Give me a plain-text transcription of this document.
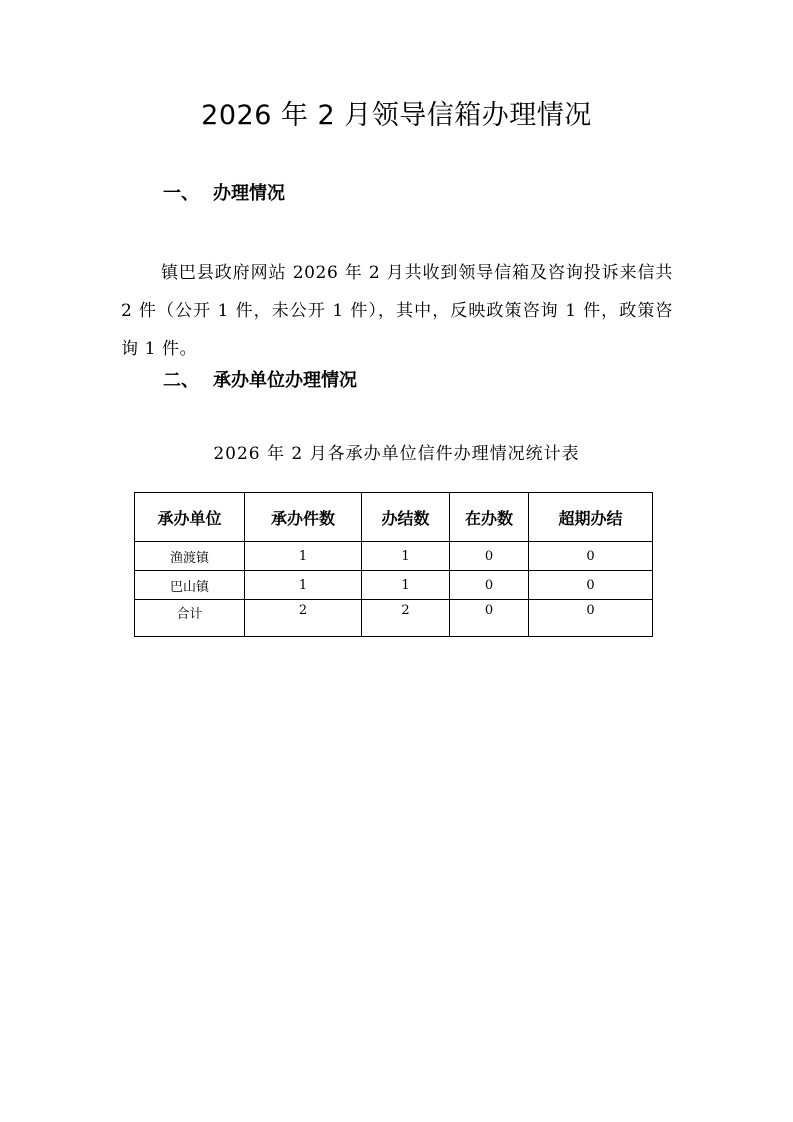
2026 年 2 月领导信箱办理情况
一、 办理情况

镇巴县政府网站 2026 年 2 月共收到领导信箱及咨询投诉来信共 2 件（公开 1 件，未公开 1 件），其中，反映政策咨询 1 件，政策咨询 1 件。

二、 承办单位办理情况
2026 年 2 月各承办单位信件办理情况统计表
承办单位	承办件数	办结数	在办数	超期办结
渔渡镇	1	1	0	0
巴山镇	1	1	0	0
合计	2	2	0	0
